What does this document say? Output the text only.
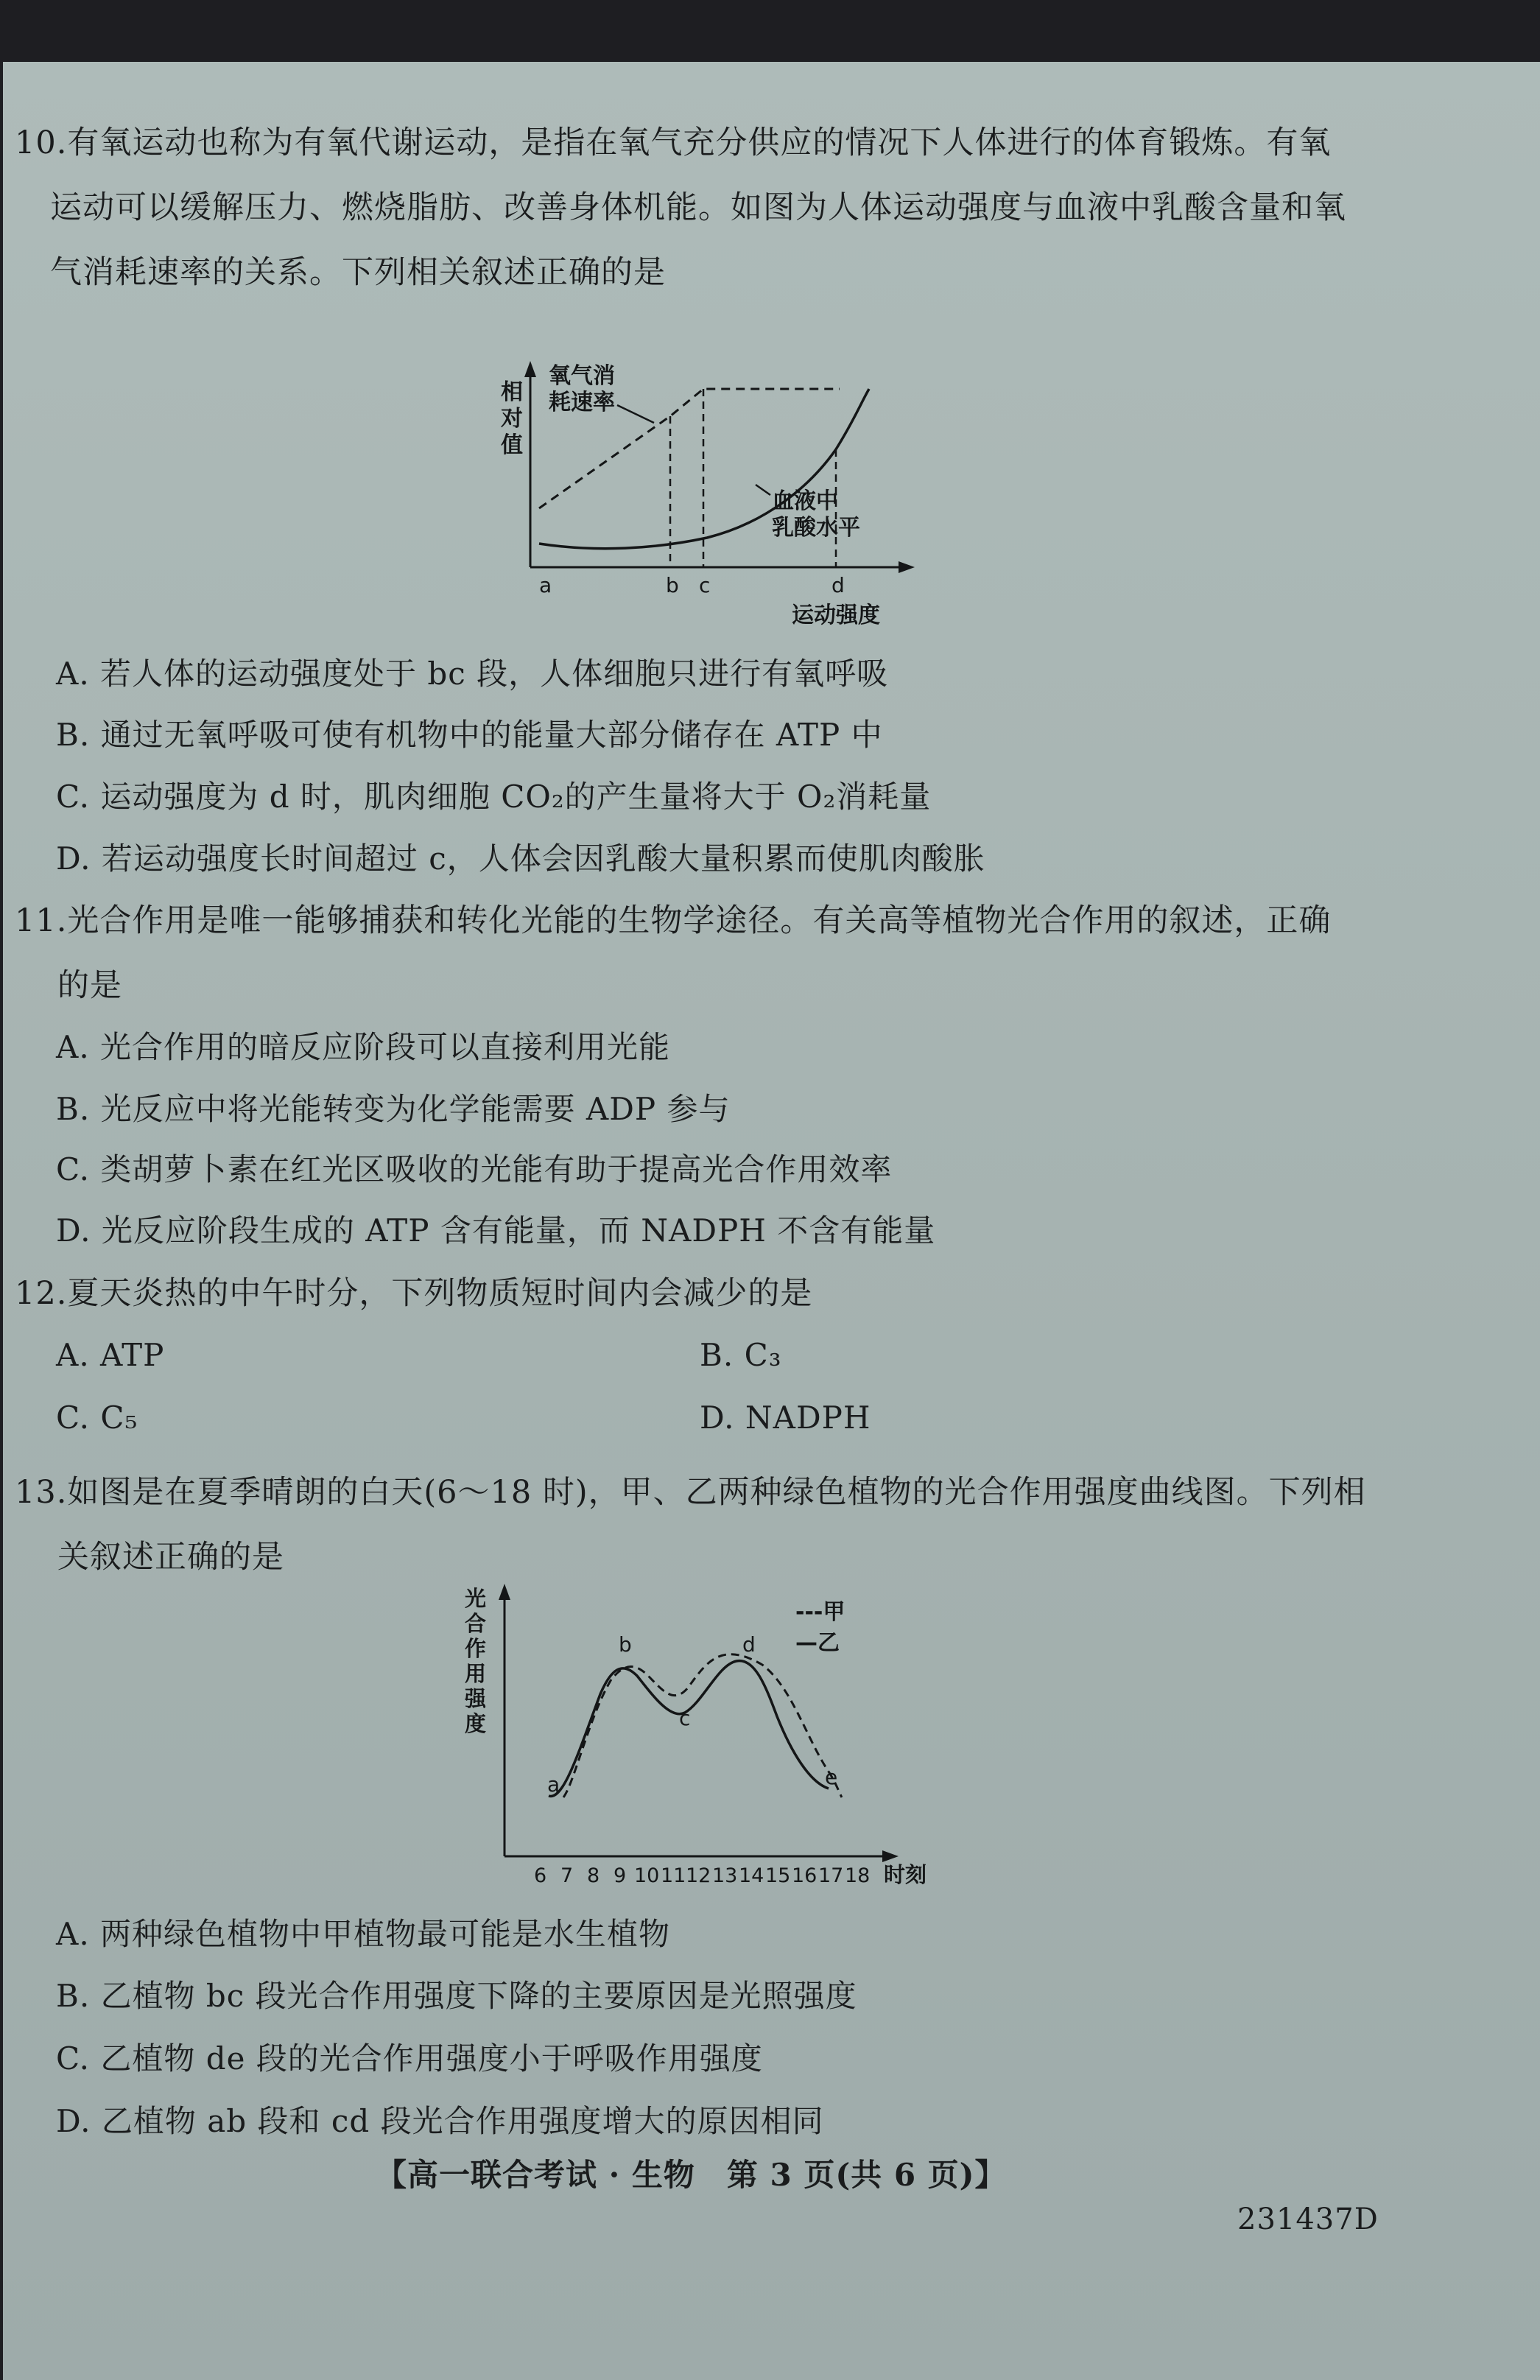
10.有氧运动也称为有氧代谢运动，是指在氧气充分供应的情况下人体进行的体育锻炼。有氧
运动可以缓解压力、燃烧脂肪、改善身体机能。如图为人体运动强度与血液中乳酸含量和氧
气消耗速率的关系。下列相关叙述正确的是
相
对
值
氧气消
耗速率
血液中
乳酸水平
a	b c	d
运动强度
A. 若人体的运动强度处于 bc 段，人体细胞只进行有氧呼吸
B. 通过无氧呼吸可使有机物中的能量大部分储存在 ATP 中
C. 运动强度为 d 时，肌肉细胞 CO₂的产生量将大于 O₂消耗量
D. 若运动强度长时间超过 c，人体会因乳酸大量积累而使肌肉酸胀
11.光合作用是唯一能够捕获和转化光能的生物学途径。有关高等植物光合作用的叙述，正确
的是
A. 光合作用的暗反应阶段可以直接利用光能
B. 光反应中将光能转变为化学能需要 ADP 参与
C. 类胡萝卜素在红光区吸收的光能有助于提高光合作用效率
D. 光反应阶段生成的 ATP 含有能量，而 NADPH 不含有能量
12.夏天炎热的中午时分，下列物质短时间内会减少的是
A. ATP	B. C₃
C. C₅	D. NADPH
13.如图是在夏季晴朗的白天(6～18 时)，甲、乙两种绿色植物的光合作用强度曲线图。下列相
关叙述正确的是
光
合
作
用
强
度
---甲
—乙
a
b
c
d
e
6 7 8 9 10 11 12 13 14 15 16 17 18 时刻
A. 两种绿色植物中甲植物最可能是水生植物
B. 乙植物 bc 段光合作用强度下降的主要原因是光照强度
C. 乙植物 de 段的光合作用强度小于呼吸作用强度
D. 乙植物 ab 段和 cd 段光合作用强度增大的原因相同
【高一联合考试 · 生物　第 3 页(共 6 页)】
231437D
